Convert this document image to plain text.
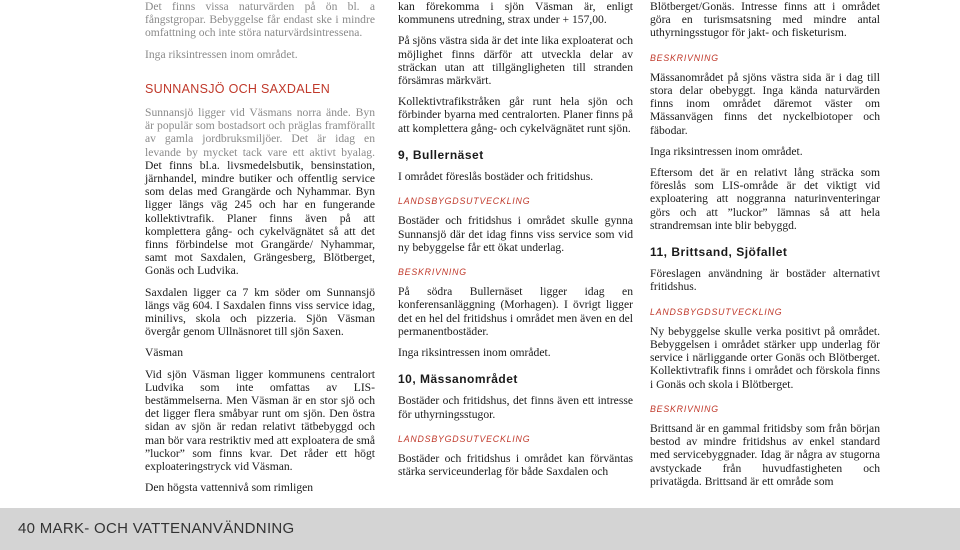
Det finns vissa naturvärden på ön bl. a fångstgropar. Bebyggelse får endast ske i mindre omfattning och inte störa naturvärdsintressena.

Inga riksintressen inom området.

SUNNANSJÖ OCH SAXDALEN

Sunnansjö ligger vid Väsmans norra ände. Byn är populär som bostadsort och präglas framförallt av gamla jordbruksmiljöer. Det är idag en levande by mycket tack vare ett aktivt byalag. Det finns bl.a. livsmedelsbutik, bensinstation, järnhandel, mindre butiker och offentlig service som delas med Grangärde och Nyhammar. Byn ligger längs väg 245 och har en fungerande kollektivtrafik. Planer finns även på att komplettera gång- och cykelvägnätet så att det finns förbindelse mot Grangärde/ Nyhammar, samt mot Saxdalen, Grängesberg, Blötberget, Gonäs och Ludvika.

Saxdalen ligger ca 7 km söder om Sunnansjö längs väg 604. I Saxdalen finns viss service idag, minilivs, skola och pizzeria. Sjön Väsman övergår genom Ullnäsnoret till sjön Saxen.

Väsman

Vid sjön Väsman ligger kommunens centralort Ludvika som inte omfattas av LIS-bestämmelserna. Men Väsman är en stor sjö och det ligger flera småbyar runt om sjön. Den östra sidan av sjön är redan relativt tätbebyggd och man bör vara restriktiv med att exploatera de små ”luckor” som finns kvar. Det råder ett högt exploateringstryck vid Väsman.

Den högsta vattennivå som rimligen

kan förekomma i sjön Väsman är, enligt kommunens utredning, strax under + 157,00.

På sjöns västra sida är det inte lika exploaterat och möjlighet finns därför att utveckla delar av sträckan utan att tillgängligheten till stranden försämras märkvärt.

Kollektivtrafikstråken går runt hela sjön och förbinder byarna med centralorten. Planer finns på att komplettera gång- och cykelvägnätet runt sjön.

9, Bullernäset

I området föreslås bostäder och fritidshus.

LANDSBYGDSUTVECKLING

Bostäder och fritidshus i området skulle gynna Sunnansjö där det idag finns viss service som vid ny bebyggelse får ett ökat underlag.

BESKRIVNING

På södra Bullernäset ligger idag en konferensanläggning (Morhagen). I övrigt ligger det en hel del fritidshus i området men även en del permanentbostäder.

Inga riksintressen inom området.

10, Mässanområdet

Bostäder och fritidshus, det finns även ett intresse för uthyrningsstugor.

LANDSBYGDSUTVECKLING

Bostäder och fritidshus i området kan förväntas stärka serviceunderlag för både Saxdalen och

Blötberget/Gonäs. Intresse finns att i området göra en turismsatsning med mindre antal uthyrningsstugor för jakt- och fisketurism.

BESKRIVNING

Mässanområdet på sjöns västra sida är i dag till stora delar obebyggt. Inga kända naturvärden finns inom området däremot väster om Mässanvägen finns det nyckelbiotoper och fäbodar.

Inga riksintressen inom området.

Eftersom det är en relativt lång sträcka som föreslås som LIS-område är det viktigt vid exploatering att noggranna naturinventeringar görs och att ”luckor” lämnas så att hela strandremsan inte blir bebyggd.

11, Brittsand, Sjöfallet

Föreslagen användning är bostäder alternativt fritidshus.

LANDSBYGDSUTVECKLING

Ny bebyggelse skulle verka positivt på området. Bebyggelsen i området stärker upp underlag för service i närliggande orter Gonäs och Blötberget. Kollektivtrafik finns i området och förskola finns i Gonäs och skola i Blötberget.

BESKRIVNING

Brittsand är en gammal fritidsby som från början bestod av mindre fritidshus av enkel standard med servicebyggnader. Idag är några av stugorna avstyckade från huvudfastigheten och privatägda. Brittsand är ett område som

40 MARK- OCH VATTENANVÄNDNING
